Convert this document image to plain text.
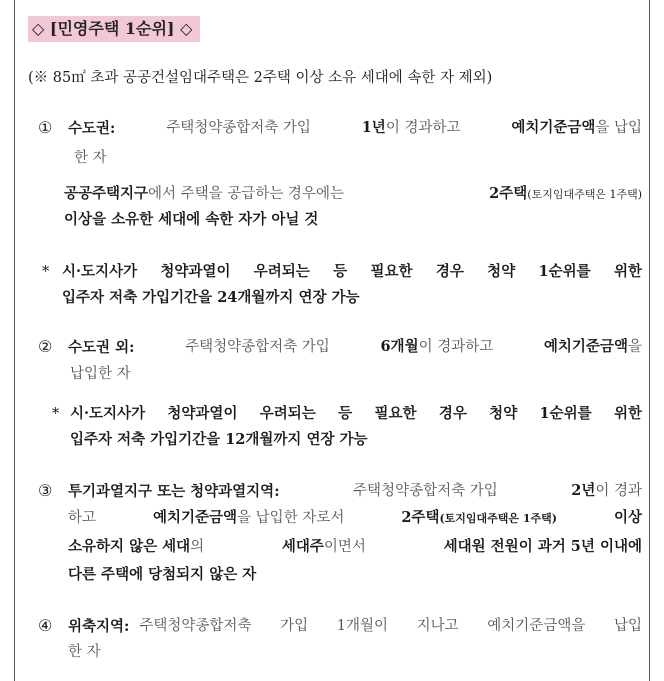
◇ [민영주택 1순위] ◇
(※ 85㎡ 초과 공공건설임대주택은 2주택 이상 소유 세대에 속한 자 제외)
① 수도권:	주택청약종합저축 가입	1년이 경과하고	예치기준금액을 납입
한 자
공공주택지구에서 주택을 공급하는 경우에는	2주택(토지임대주택은 1주택)
이상을 소유한 세대에 속한 자가 아닐 것
* 시·도지사가 청약과열이 우려되는 등 필요한 경우 청약 1순위를 위한
입주자 저축 가입기간을 24개월까지 연장 가능
② 수도권 외:	주택청약종합저축 가입	6개월이 경과하고	예치기준금액을
납입한 자
* 시·도지사가 청약과열이 우려되는 등 필요한 경우 청약 1순위를 위한
입주자 저축 가입기간을 12개월까지 연장 가능
③ 투기과열지구 또는 청약과열지역:	주택청약종합저축 가입	2년이 경과
하고	예치기준금액을 납입한 자로서	2주택(토지임대주택은 1주택)	이상
소유하지 않은 세대의	세대주이면서	세대원 전원이 과거 5년 이내에
다른 주택에 당첨되지 않은 자
④ 위축지역: 주택청약종합저축 가입 1개월이 지나고 예치기준금액을 납입
한 자
